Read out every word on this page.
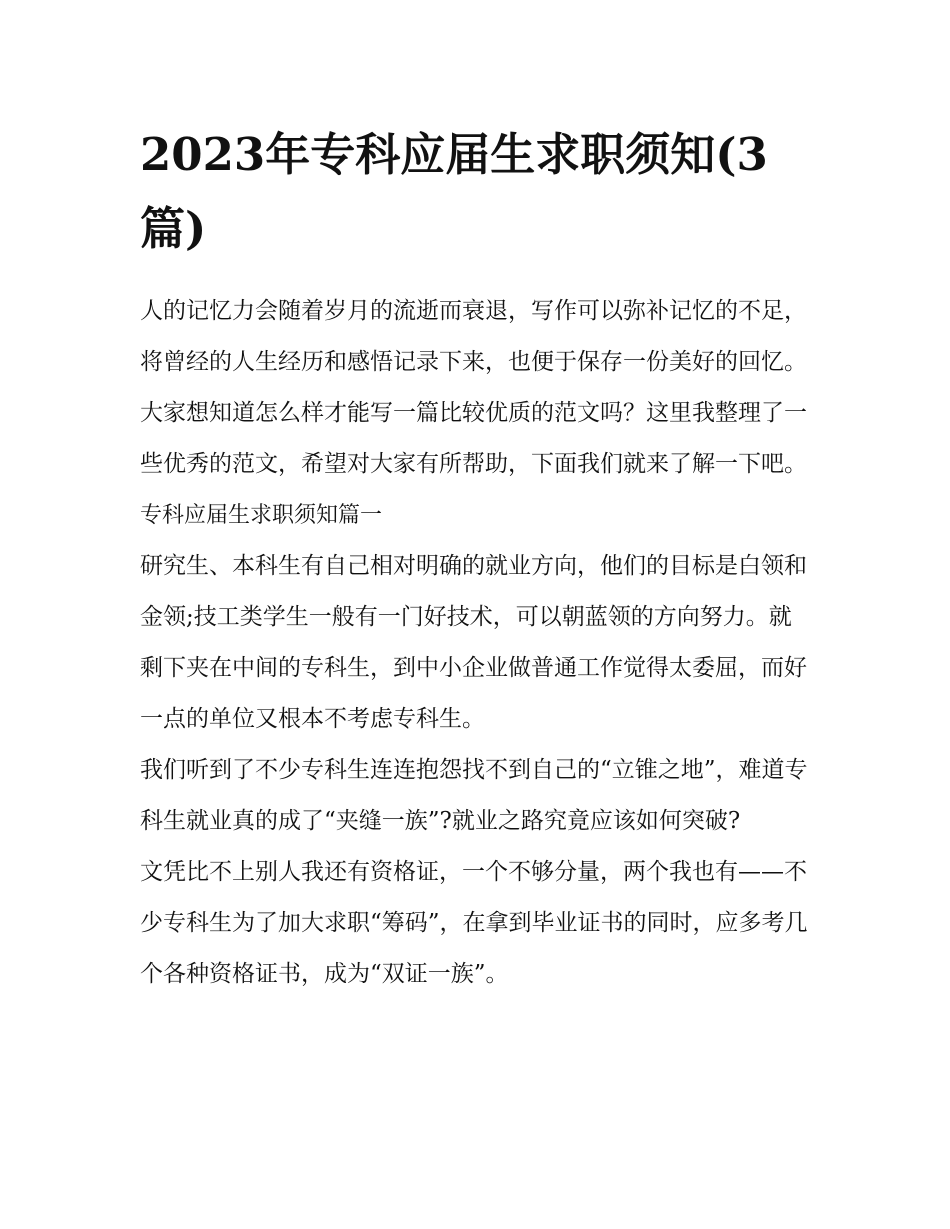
2023年专科应届生求职须知(3篇)

人的记忆力会随着岁月的流逝而衰退，写作可以弥补记忆的不足，将曾经的人生经历和感悟记录下来，也便于保存一份美好的回忆。大家想知道怎么样才能写一篇比较优质的范文吗？这里我整理了一些优秀的范文，希望对大家有所帮助，下面我们就来了解一下吧。

专科应届生求职须知篇一

研究生、本科生有自己相对明确的就业方向，他们的目标是白领和金领;技工类学生一般有一门好技术，可以朝蓝领的方向努力。就剩下夹在中间的专科生，到中小企业做普通工作觉得太委屈，而好一点的单位又根本不考虑专科生。

我们听到了不少专科生连连抱怨找不到自己的“立锥之地”，难道专科生就业真的成了“夹缝一族”?就业之路究竟应该如何突破?

文凭比不上别人我还有资格证，一个不够分量，两个我也有——不少专科生为了加大求职“筹码”，在拿到毕业证书的同时，应多考几个各种资格证书，成为“双证一族”。
